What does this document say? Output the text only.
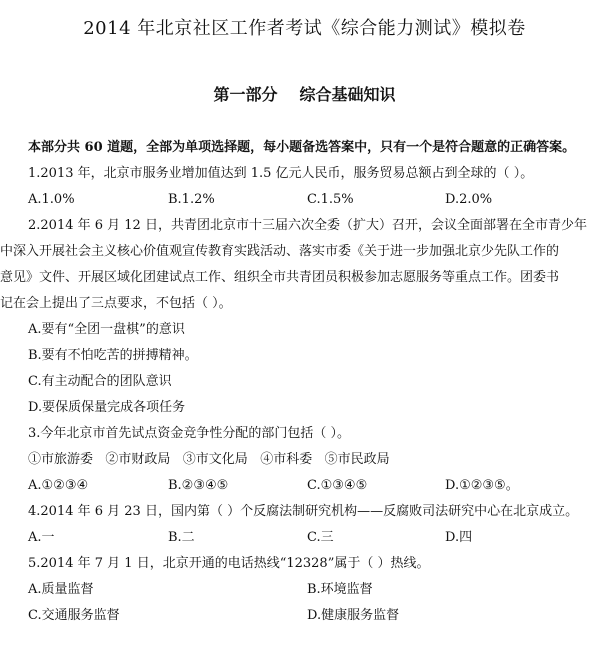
2014 年北京社区工作者考试《综合能力测试》模拟卷
第一部分 综合基础知识
本部分共 60 道题，全部为单项选择题，每小题备选答案中，只有一个是符合题意的正确答案。
1.2013 年，北京市服务业增加值达到 1.5 亿元人民币，服务贸易总额占到全球的（ ）。
A.1.0%	B.1.2%	C.1.5%	D.2.0%
2.2014 年 6 月 12 日，共青团北京市十三届六次全委（扩大）召开，会议全面部署在全市青少年
中深入开展社会主义核心价值观宣传教育实践活动、落实市委《关于进一步加强北京少先队工作的
意见》文件、开展区域化团建试点工作、组织全市共青团员积极参加志愿服务等重点工作。团委书
记在会上提出了三点要求，不包括（ ）。
A.要有“全团一盘棋”的意识
B.要有不怕吃苦的拼搏精神。
C.有主动配合的团队意识
D.要保质保量完成各项任务
3.今年北京市首先试点资金竞争性分配的部门包括（ ）。
①市旅游委   ②市财政局   ③市文化局   ④市科委   ⑤市民政局
A.①②③④	B.②③④⑤	C.①③④⑤	D.①②③⑤。
4.2014 年 6 月 23 日，国内第（ ）个反腐法制研究机构——反腐败司法研究中心在北京成立。
A.一	B.二	C.三	D.四
5.2014 年 7 月 1 日，北京开通的电话热线“12328”属于（ ）热线。
A.质量监督	B.环境监督
C.交通服务监督	D.健康服务监督
